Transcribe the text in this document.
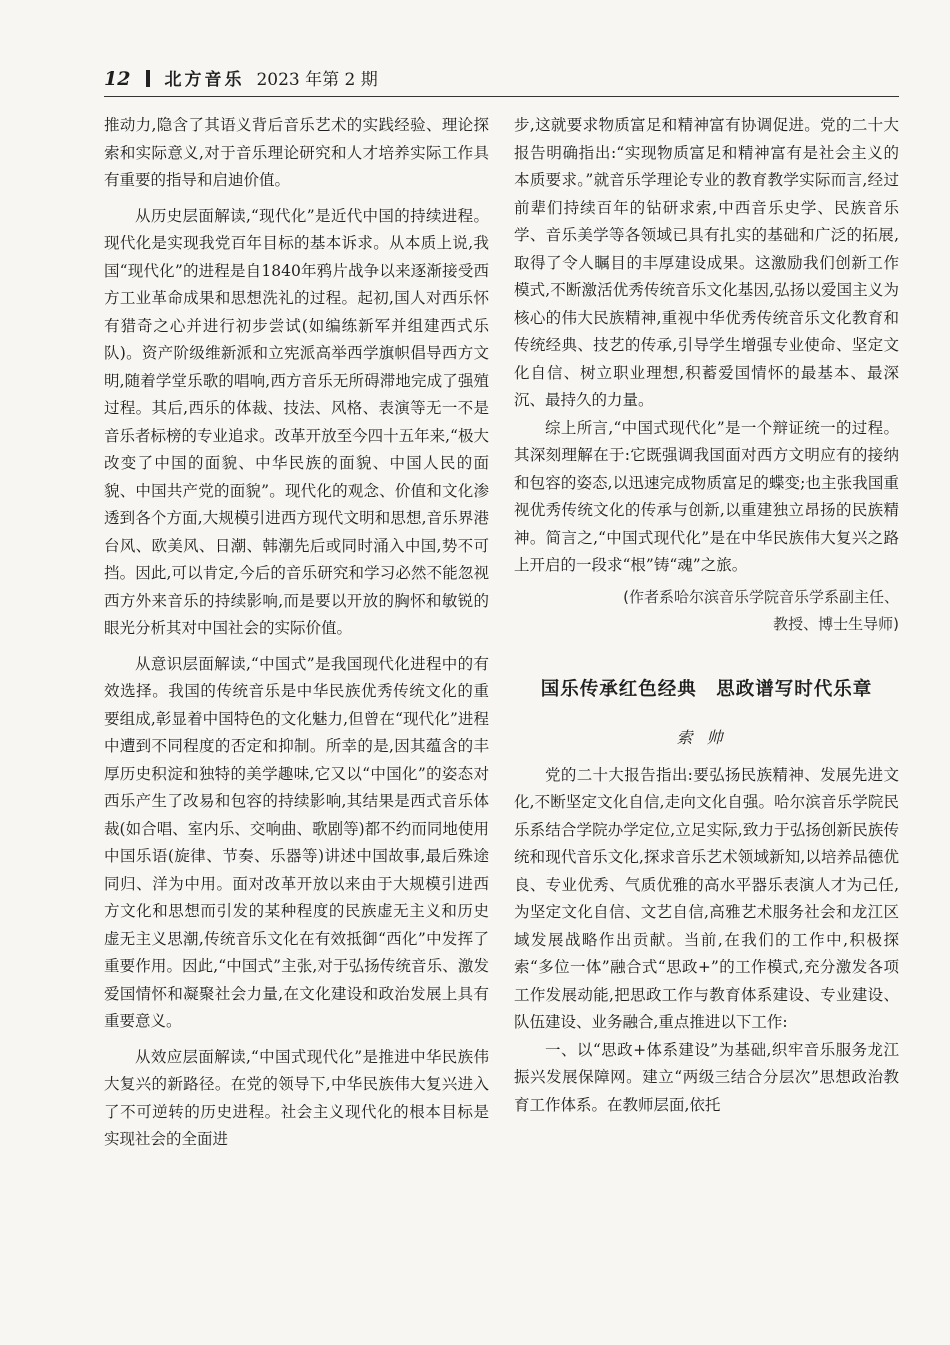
12 北方音乐 2023 年第 2 期

推动力,隐含了其语义背后音乐艺术的实践经验、理论探索和实际意义,对于音乐理论研究和人才培养实际工作具有重要的指导和启迪价值。

从历史层面解读,“现代化”是近代中国的持续进程。现代化是实现我党百年目标的基本诉求。从本质上说,我国“现代化”的进程是自1840年鸦片战争以来逐渐接受西方工业革命成果和思想洗礼的过程。起初,国人对西乐怀有猎奇之心并进行初步尝试(如编练新军并组建西式乐队)。资产阶级维新派和立宪派高举西学旗帜倡导西方文明,随着学堂乐歌的唱响,西方音乐无所碍滞地完成了强殖过程。其后,西乐的体裁、技法、风格、表演等无一不是音乐者标榜的专业追求。改革开放至今四十五年来,“极大改变了中国的面貌、中华民族的面貌、中国人民的面貌、中国共产党的面貌”。现代化的观念、价值和文化渗透到各个方面,大规模引进西方现代文明和思想,音乐界港台风、欧美风、日潮、韩潮先后或同时涌入中国,势不可挡。因此,可以肯定,今后的音乐研究和学习必然不能忽视西方外来音乐的持续影响,而是要以开放的胸怀和敏锐的眼光分析其对中国社会的实际价值。

从意识层面解读,“中国式”是我国现代化进程中的有效选择。我国的传统音乐是中华民族优秀传统文化的重要组成,彰显着中国特色的文化魅力,但曾在“现代化”进程中遭到不同程度的否定和抑制。所幸的是,因其蕴含的丰厚历史积淀和独特的美学趣味,它又以“中国化”的姿态对西乐产生了改易和包容的持续影响,其结果是西式音乐体裁(如合唱、室内乐、交响曲、歌剧等)都不约而同地使用中国乐语(旋律、节奏、乐器等)讲述中国故事,最后殊途同归、洋为中用。面对改革开放以来由于大规模引进西方文化和思想而引发的某种程度的民族虚无主义和历史虚无主义思潮,传统音乐文化在有效抵御“西化”中发挥了重要作用。因此,“中国式”主张,对于弘扬传统音乐、激发爱国情怀和凝聚社会力量,在文化建设和政治发展上具有重要意义。

从效应层面解读,“中国式现代化”是推进中华民族伟大复兴的新路径。在党的领导下,中华民族伟大复兴进入了不可逆转的历史进程。社会主义现代化的根本目标是实现社会的全面进

步,这就要求物质富足和精神富有协调促进。党的二十大报告明确指出:“实现物质富足和精神富有是社会主义的本质要求。”就音乐学理论专业的教育教学实际而言,经过前辈们持续百年的钻研求索,中西音乐史学、民族音乐学、音乐美学等各领域已具有扎实的基础和广泛的拓展,取得了令人瞩目的丰厚建设成果。这激励我们创新工作模式,不断激活优秀传统音乐文化基因,弘扬以爱国主义为核心的伟大民族精神,重视中华优秀传统音乐文化教育和传统经典、技艺的传承,引导学生增强专业使命、坚定文化自信、树立职业理想,积蓄爱国情怀的最基本、最深沉、最持久的力量。

综上所言,“中国式现代化”是一个辩证统一的过程。其深刻理解在于:它既强调我国面对西方文明应有的接纳和包容的姿态,以迅速完成物质富足的蝶变;也主张我国重视优秀传统文化的传承与创新,以重建独立昂扬的民族精神。简言之,“中国式现代化”是在中华民族伟大复兴之路上开启的一段求“根”铸“魂”之旅。

(作者系哈尔滨音乐学院音乐学系副主任、
教授、博士生导师)

国乐传承红色经典　思政谱写时代乐章
索帅

党的二十大报告指出:要弘扬民族精神、发展先进文化,不断坚定文化自信,走向文化自强。哈尔滨音乐学院民乐系结合学院办学定位,立足实际,致力于弘扬创新民族传统和现代音乐文化,探求音乐艺术领域新知,以培养品德优良、专业优秀、气质优雅的高水平器乐表演人才为己任,为坚定文化自信、文艺自信,高雅艺术服务社会和龙江区域发展战略作出贡献。当前,在我们的工作中,积极探索“多位一体”融合式“思政+”的工作模式,充分激发各项工作发展动能,把思政工作与教育体系建设、专业建设、队伍建设、业务融合,重点推进以下工作:

一、以“思政+体系建设”为基础,织牢音乐服务龙江振兴发展保障网。建立“两级三结合分层次”思想政治教育工作体系。在教师层面,依托
